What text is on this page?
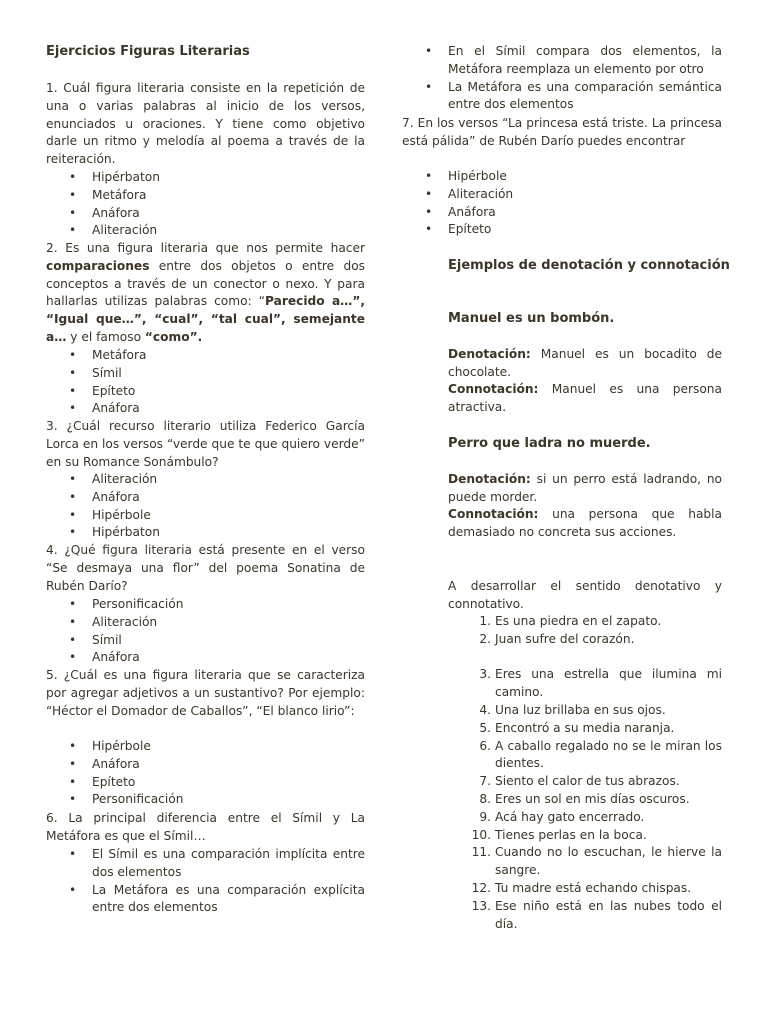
Ejercicios Figuras Literarias
1. Cuál figura literaria consiste en la repetición de una o varias palabras al inicio de los versos, enunciados u oraciones. Y tiene como objetivo darle un ritmo y melodía al poema a través de la reiteración.
• Hipérbaton
• Metáfora
• Anáfora
• Aliteración
2. Es una figura literaria que nos permite hacer comparaciones entre dos objetos o entre dos conceptos a través de un conector o nexo. Y para hallarlas utilizas palabras como: “Parecido a…”, “Igual que…”, “cual”, “tal cual”, semejante a… y el famoso “como”.
• Metáfora
• Símil
• Epíteto
• Anáfora
3. ¿Cuál recurso literario utiliza Federico García Lorca en los versos “verde que te que quiero verde” en su Romance Sonámbulo?
• Aliteración
• Anáfora
• Hipérbole
• Hipérbaton
4. ¿Qué figura literaria está presente en el verso “Se desmaya una flor” del poema Sonatina de Rubén Darío?
• Personificación
• Aliteración
• Símil
• Anáfora
5. ¿Cuál es una figura literaria que se caracteriza por agregar adjetivos a un sustantivo? Por ejemplo: “Héctor el Domador de Caballos”, “El blanco lirio”:
• Hipérbole
• Anáfora
• Epíteto
• Personificación
6. La principal diferencia entre el Símil y La Metáfora es que el Símil…
• El Símil es una comparación implícita entre dos elementos
• La Metáfora es una comparación explícita entre dos elementos
• En el Símil compara dos elementos, la Metáfora reemplaza un elemento por otro
• La Metáfora es una comparación semántica entre dos elementos
7. En los versos “La princesa está triste. La princesa está pálida” de Rubén Darío puedes encontrar
• Hipérbole
• Aliteración
• Anáfora
• Epíteto
Ejemplos de denotación y connotación
Manuel es un bombón.
Denotación: Manuel es un bocadito de chocolate.
Connotación: Manuel es una persona atractiva.
Perro que ladra no muerde.
Denotación: si un perro está ladrando, no puede morder.
Connotación: una persona que habla demasiado no concreta sus acciones.
A desarrollar el sentido denotativo y connotativo.
1. Es una piedra en el zapato.
2. Juan sufre del corazón.
3. Eres una estrella que ilumina mi camino.
4. Una luz brillaba en sus ojos.
5. Encontró a su media naranja.
6. A caballo regalado no se le miran los dientes.
7. Siento el calor de tus abrazos.
8. Eres un sol en mis días oscuros.
9. Acá hay gato encerrado.
10. Tienes perlas en la boca.
11. Cuando no lo escuchan, le hierve la sangre.
12. Tu madre está echando chispas.
13. Ese niño está en las nubes todo el día.
